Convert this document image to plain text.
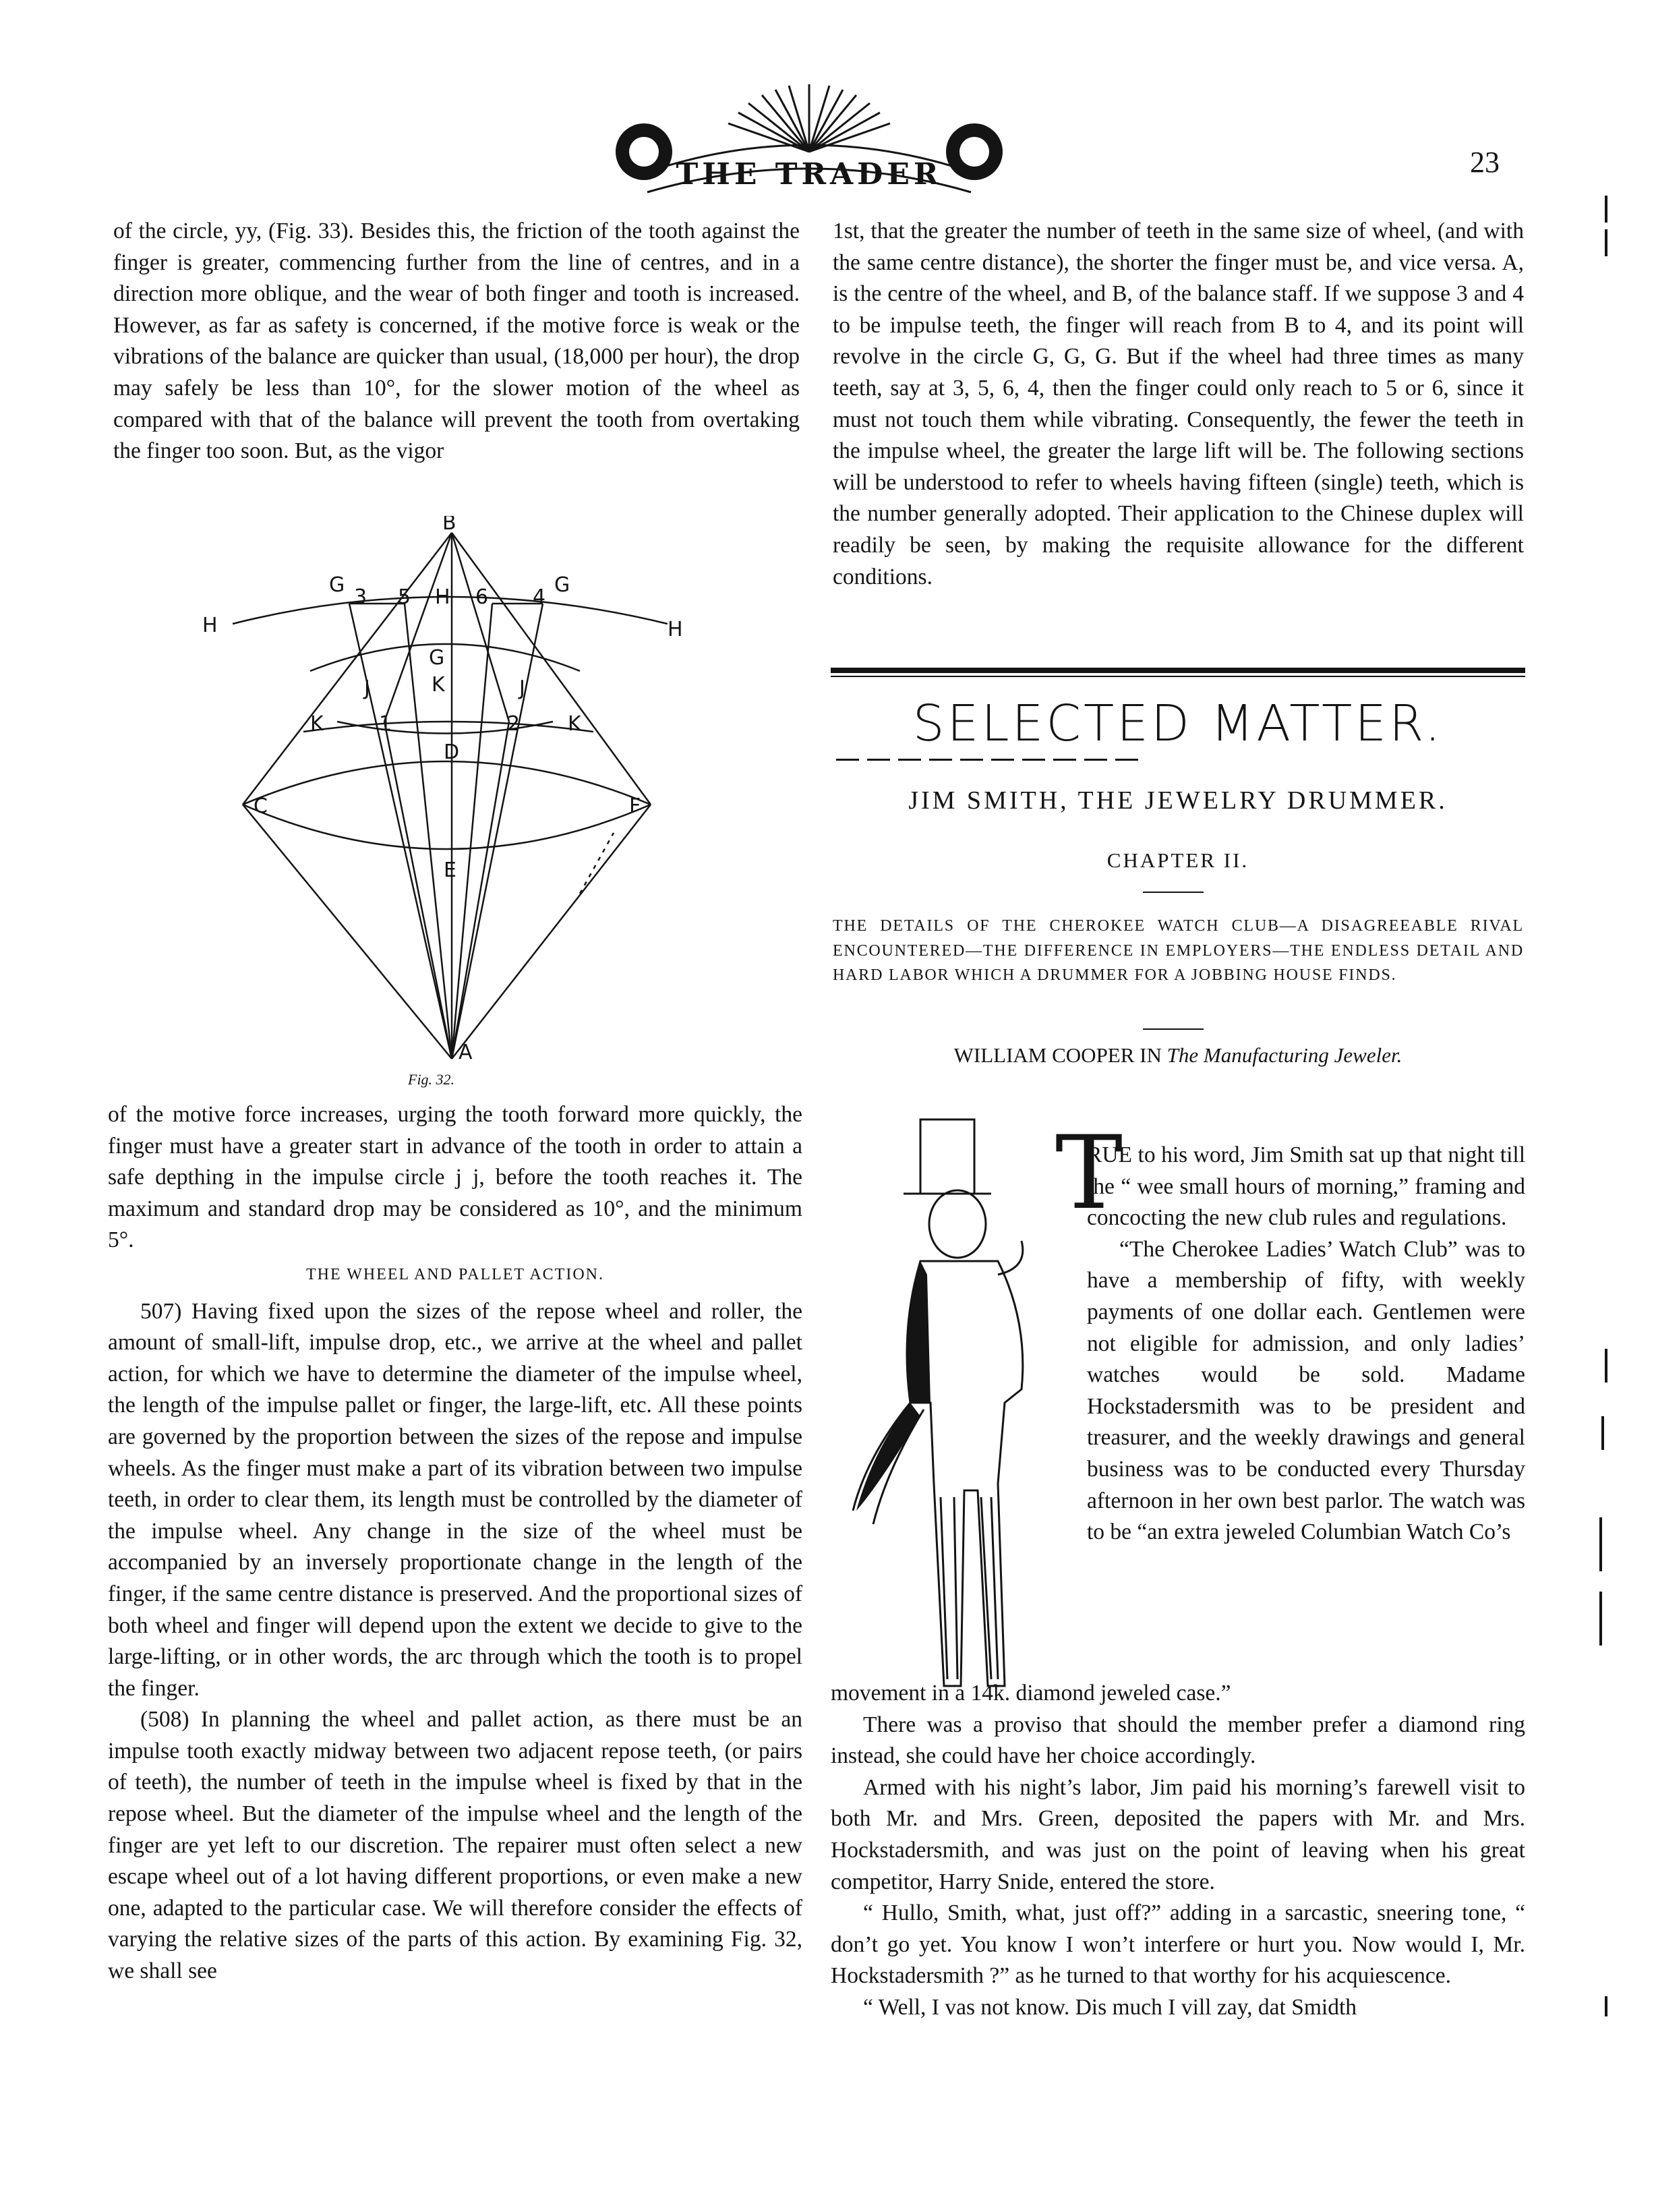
THE TRADER	23

of the circle, yy, (Fig. 33). Besides this, the friction of the tooth against the finger is greater, commencing further from the line of centres, and in a direction more oblique, and the wear of both finger and tooth is increased. However, as far as safety is concerned, if the motive force is weak or the vibrations of the balance are quicker than usual, (18,000 per hour), the drop may safely be less than 10°, for the slower motion of the wheel as compared with that of the balance will prevent the tooth from overtaking the finger too soon. But, as the vigor

B
G	G
G
3 5 H 6 4
H	H
J	J
K
K	K
1	2
D
C	F
E
A
Fig. 32.

of the motive force increases, urging the tooth forward more quickly, the finger must have a greater start in advance of the tooth in order to attain a safe depthing in the impulse circle j j, before the tooth reaches it. The maximum and standard drop may be considered as 10°, and the minimum 5°.

THE WHEEL AND PALLET ACTION.

507) Having fixed upon the sizes of the repose wheel and roller, the amount of small-lift, impulse drop, etc., we arrive at the wheel and pallet action, for which we have to determine the diameter of the impulse wheel, the length of the impulse pallet or finger, the large-lift, etc. All these points are governed by the proportion between the sizes of the repose and impulse wheels. As the finger must make a part of its vibration between two impulse teeth, in order to clear them, its length must be controlled by the diameter of the impulse wheel. Any change in the size of the wheel must be accompanied by an inversely proportionate change in the length of the finger, if the same centre distance is preserved. And the proportional sizes of both wheel and finger will depend upon the extent we decide to give to the large-lifting, or in other words, the arc through which the tooth is to propel the finger.

(508) In planning the wheel and pallet action, as there must be an impulse tooth exactly midway between two adjacent repose teeth, (or pairs of teeth), the number of teeth in the impulse wheel is fixed by that in the repose wheel. But the diameter of the impulse wheel and the length of the finger are yet left to our discretion. The repairer must often select a new escape wheel out of a lot having different proportions, or even make a new one, adapted to the particular case. We will therefore consider the effects of varying the relative sizes of the parts of this action. By examining Fig. 32, we shall see

1st, that the greater the number of teeth in the same size of wheel, (and with the same centre distance), the shorter the finger must be, and vice versa. A, is the centre of the wheel, and B, of the balance staff. If we suppose 3 and 4 to be impulse teeth, the finger will reach from B to 4, and its point will revolve in the circle G, G, G. But if the wheel had three times as many teeth, say at 3, 5, 6, 4, then the finger could only reach to 5 or 6, since it must not touch them while vibrating. Consequently, the fewer the teeth in the impulse wheel, the greater the large lift will be. The following sections will be understood to refer to wheels having fifteen (single) teeth, which is the number generally adopted. Their application to the Chinese duplex will readily be seen, by making the requisite allowance for the different conditions.

SELECTED MATTER.
JIM SMITH, THE JEWELRY DRUMMER.
CHAPTER II.
THE DETAILS OF THE CHEROKEE WATCH CLUB—A DISAGREEABLE RIVAL ENCOUNTERED—THE DIFFERENCE IN EMPLOYERS—THE ENDLESS DETAIL AND HARD LABOR WHICH A DRUMMER FOR A JOBBING HOUSE FINDS.
WILLIAM COOPER IN The Manufacturing Jeweler.
T

RUE to his word, Jim Smith sat up that night till the “ wee small hours of morning,” framing and concocting the new club rules and regulations.

“The Cherokee Ladies’ Watch Club” was to have a membership of fifty, with weekly payments of one dollar each. Gentlemen were not eligible for admission, and only ladies’ watches would be sold. Madame Hockstadersmith was to be president and treasurer, and the weekly drawings and general business was to be conducted every Thursday afternoon in her own best parlor. The watch was to be “an extra jeweled Columbian Watch Co’s

movement in a 14k. diamond jeweled case.”

There was a proviso that should the member prefer a diamond ring instead, she could have her choice accordingly.

Armed with his night’s labor, Jim paid his morning’s farewell visit to both Mr. and Mrs. Green, deposited the papers with Mr. and Mrs. Hockstadersmith, and was just on the point of leaving when his great competitor, Harry Snide, entered the store.

“ Hullo, Smith, what, just off?” adding in a sarcastic, sneering tone, “ don’t go yet. You know I won’t interfere or hurt you. Now would I, Mr. Hockstadersmith ?” as he turned to that worthy for his acquiescence.

“ Well, I vas not know. Dis much I vill zay, dat Smidth
